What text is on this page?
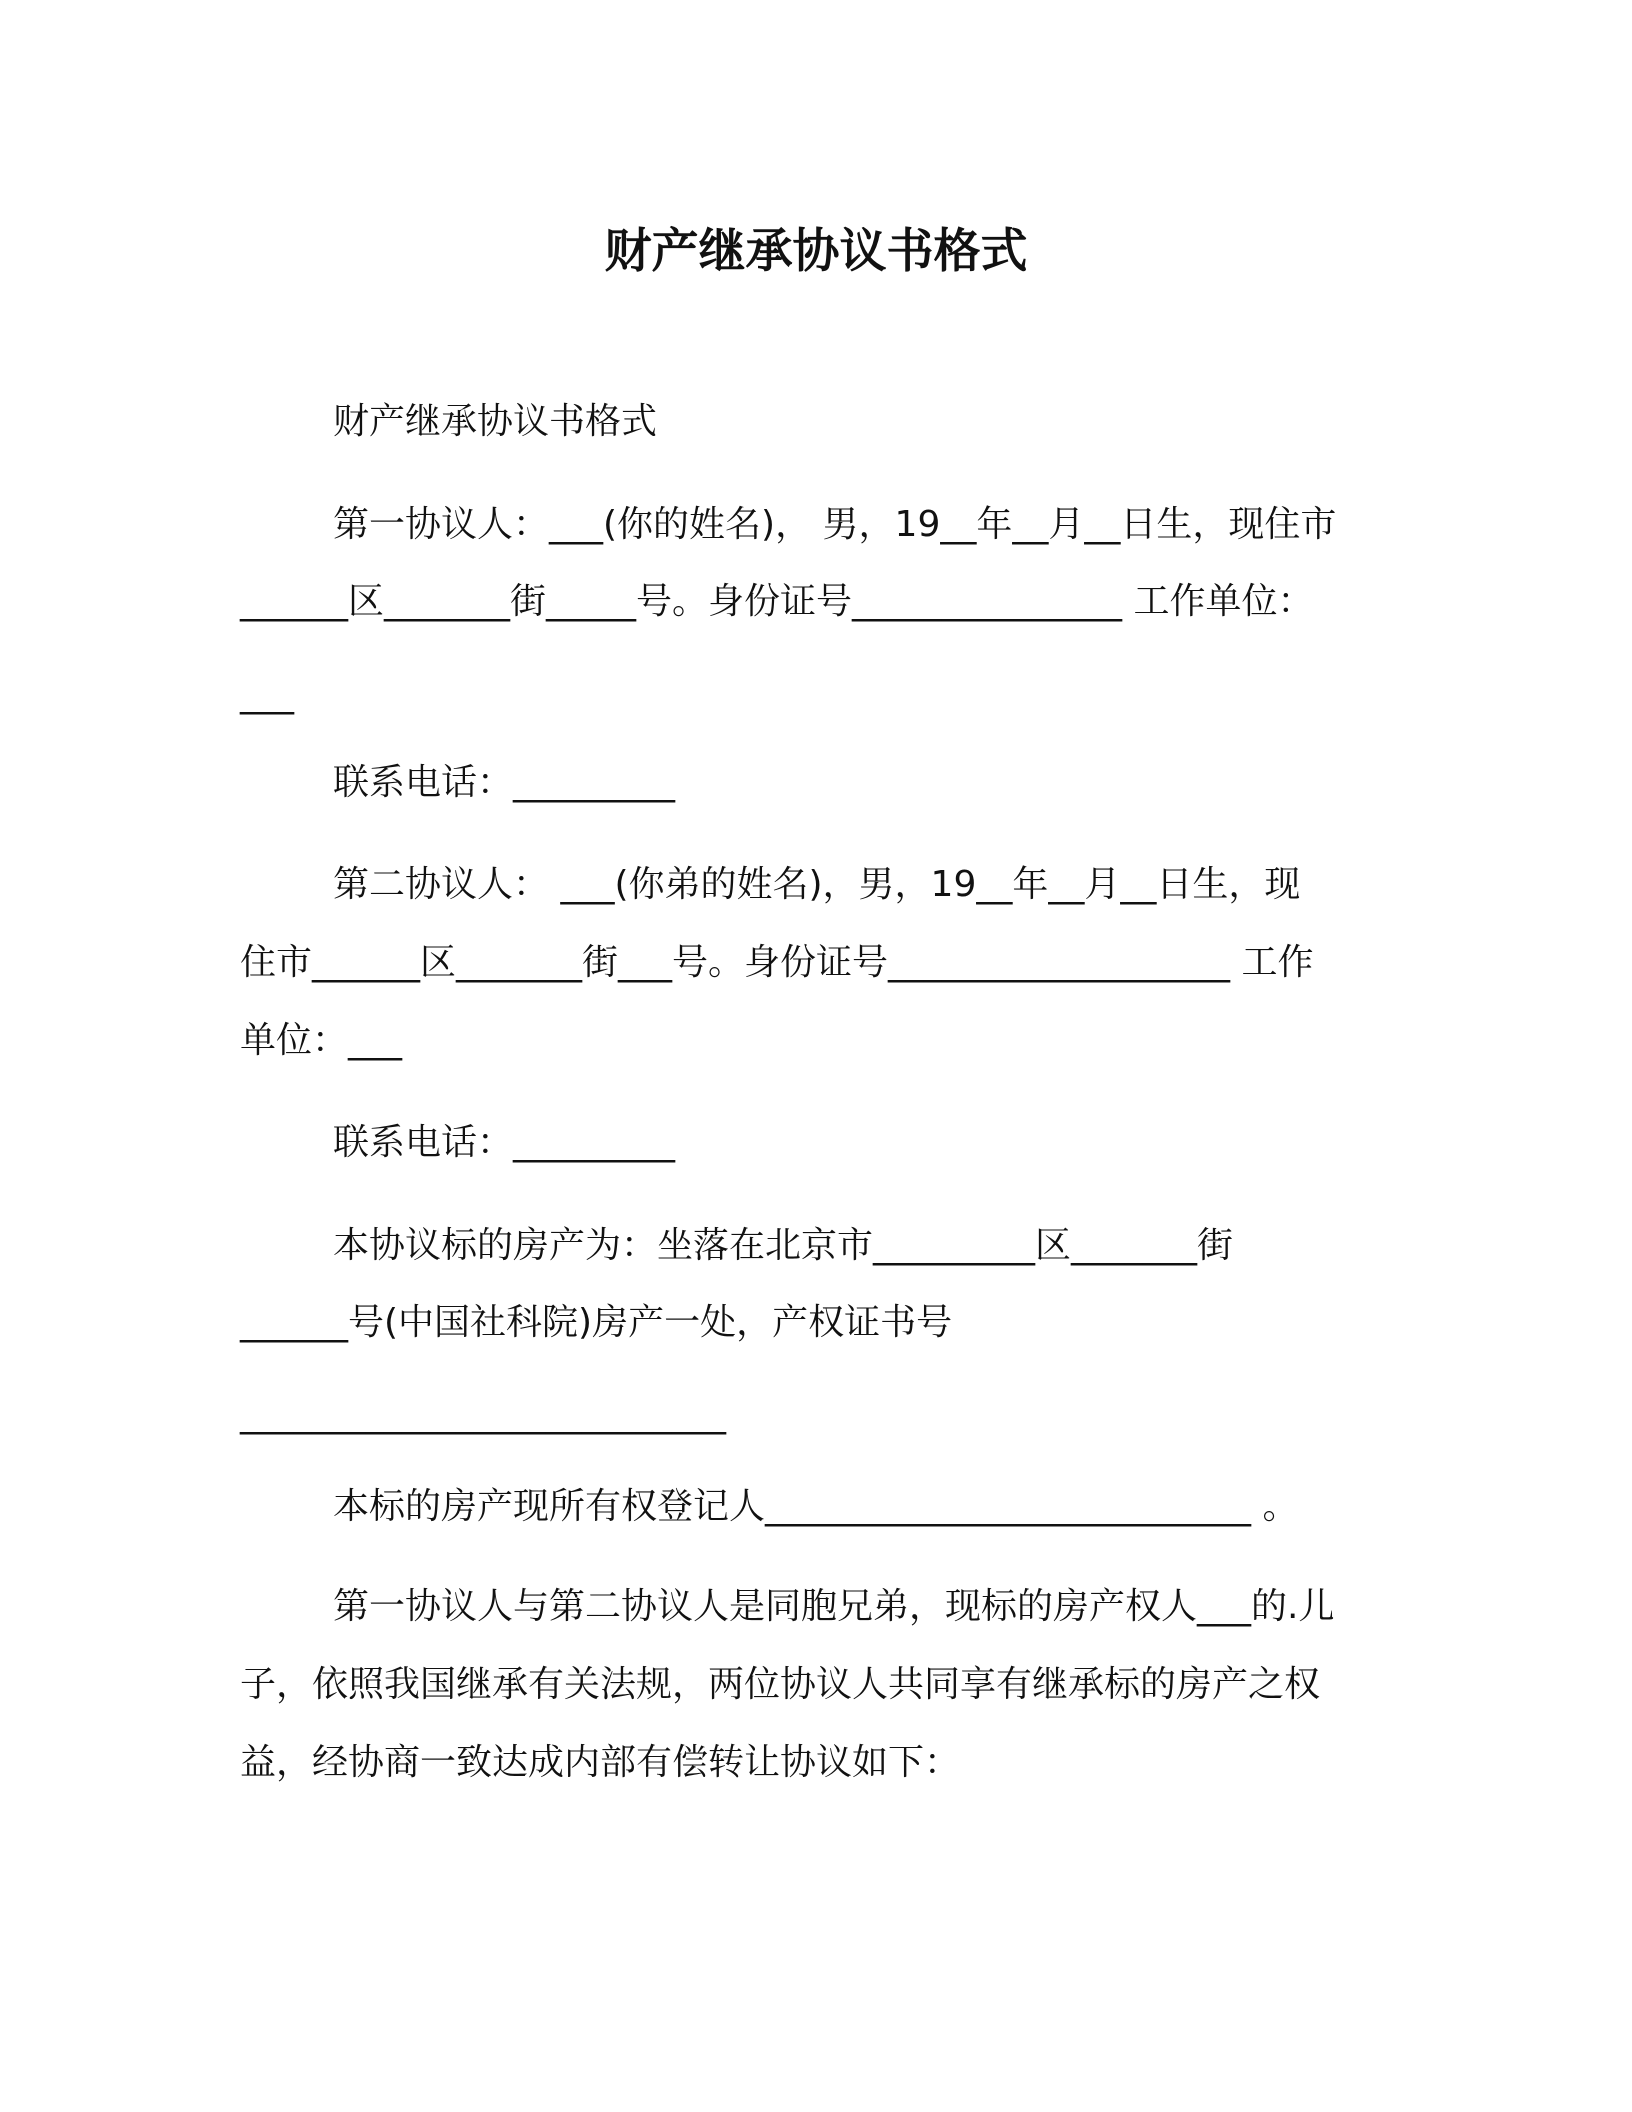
财产继承协议书格式
财产继承协议书格式
第一协议人：___(你的姓名)， 男，19__年__月__日生，现住市
______区_______街_____号。身份证号_______________ 工作单位：
___
联系电话：_________
第二协议人： ___(你弟的姓名)，男，19__年__月__日生，现
住市______区_______街___号。身份证号___________________ 工作
单位：___
联系电话：_________
本协议标的房产为：坐落在北京市_________区_______街
______号(中国社科院)房产一处，产权证书号
___________________________
本标的房产现所有权登记人___________________________ 。
第一协议人与第二协议人是同胞兄弟，现标的房产权人___的.儿
子，依照我国继承有关法规，两位协议人共同享有继承标的房产之权
益，经协商一致达成内部有偿转让协议如下：
